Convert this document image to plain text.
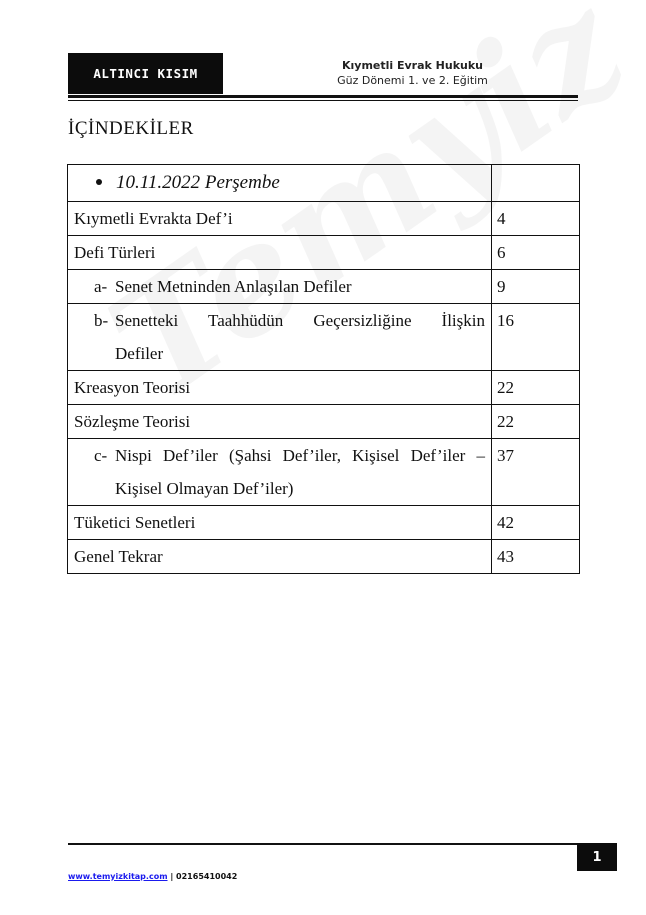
ALTINCI KISIM
Kıymetli Evrak Hukuku
Güz Dönemi 1. ve 2. Eğitim
İÇİNDEKİLER
10.11.2022 Perşembe	
Kıymetli Evrakta Def’i	4
Defi Türleri	6

a- Senet Metninden Anlaşılan Defiler	9

b- Senetteki Taahhüdün Geçersizliğine İlişkin
Defiler	16
Kreasyon Teorisi	22
Sözleşme Teorisi	22

c- Nispi Def’iler (Şahsi Def’iler, Kişisel Def’iler –
Kişisel Olmayan Def’iler)	37
Tüketici Senetleri	42
Genel Tekrar	43
1
www.temyizkitap.com | 02165410042
